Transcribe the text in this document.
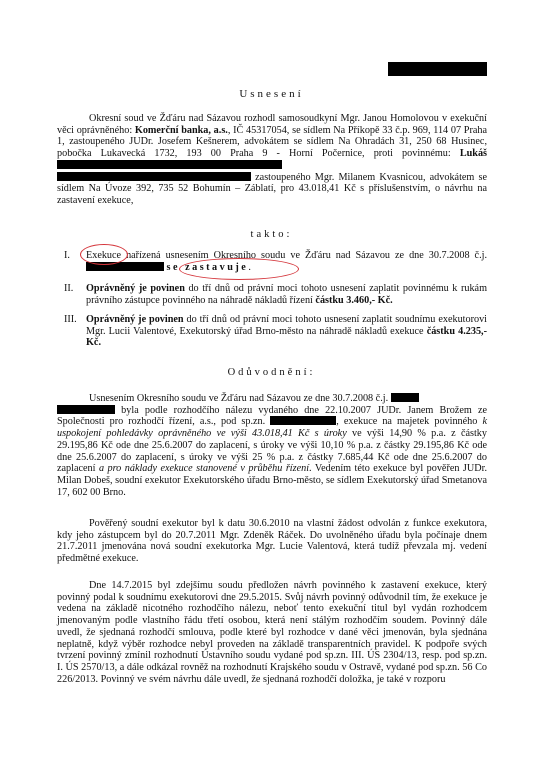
Usnesení

Okresní soud ve Žďáru nad Sázavou rozhodl samosoudkyní Mgr. Janou Homolovou v exekuční věci oprávněného: Komerční banka, a.s., IČ 45317054, se sídlem Na Příkopě 33 č.p. 969, 114 07 Praha 1, zastoupeného JUDr. Josefem Kešnerem, advokátem se sídlem Na Ohradách 31, 250 68 Husinec, pobočka Lukavecká 1732, 193 00 Praha 9 - Horní Počernice, proti povinnému: Lukáš
zastoupeného Mgr. Milanem Kvasnicou, advokátem se sídlem Na Úvoze 392, 735 52 Bohumín – Záblatí, pro 43.018,41 Kč s příslušenstvím, o návrhu na zastavení exekuce,

takto:
I. Exekuce nařízená usnesením Okresního soudu ve Žďáru nad Sázavou ze dne 30.7.2008 č.j.  se zastavuje.

II. Oprávněný je povinen do tří dnů od právní moci tohoto usnesení zaplatit povinnému k rukám právního zástupce povinného na náhradě nákladů řízení částku 3.460,- Kč.

III. Oprávněný je povinen do tří dnů od právní moci tohoto usnesení zaplatit soudnímu exekutorovi Mgr. Lucii Valentové, Exekutorský úřad Brno-město na náhradě nákladů exekuce částku 4.235,- Kč.

Odůvodnění:

Usnesením Okresního soudu ve Žďáru nad Sázavou ze dne 30.7.2008 č.j.
byla podle rozhodčího nálezu vydaného dne 22.10.2007 JUDr. Janem Brožem ze Společnosti pro rozhodčí řízení, a.s., pod sp.zn.	, exekuce na majetek povinného k uspokojení pohledávky oprávněného ve výši 43.018,41 Kč s úroky ve výši 14,90 % p.a. z částky 29.195,86 Kč ode dne 25.6.2007 do zaplacení, s úroky ve výši 10,10 % p.a. z částky 29.195,86 Kč ode dne 25.6.2007 do zaplacení, s úroky ve výši 25 % p.a. z částky 7.685,44 Kč ode dne 25.6.2007 do zaplacení a pro náklady exekuce stanovené v průběhu řízení. Vedením této exekuce byl pověřen JUDr. Milan Dobeš, soudní exekutor Exekutorského úřadu Brno-město, se sídlem Exekutorský úřad Smetanova 17, 602 00 Brno.

Pověřený soudní exekutor byl k datu 30.6.2010 na vlastní žádost odvolán z funkce exekutora, kdy jeho zástupcem byl do 20.7.2011 Mgr. Zdeněk Ráček. Do uvolněného úřadu byla počínaje dnem 21.7.2011 jmenována nová soudní exekutorka Mgr. Lucie Valentová, která tudíž převzala mj. vedení předmětné exekuce.

Dne 14.7.2015 byl zdejšímu soudu předložen návrh povinného k zastavení exekuce, který povinný podal k soudnímu exekutorovi dne 29.5.2015. Svůj návrh povinný odůvodnil tím, že exekuce je vedena na základě nicotného rozhodčího nálezu, neboť tento exekuční titul byl vydán rozhodcem jmenovaným podle vlastního řádu třetí osobou, která není stálým rozhodčím soudem. Povinný dále uvedl, že sjednaná rozhodčí smlouva, podle které byl rozhodce v dané věci jmenován, byla sjednána neplatně, když výběr rozhodce nebyl proveden na základě transparentních pravidel. K podpoře svých tvrzení povinný zmínil rozhodnutí Ústavního soudu vydané pod sp.zn. III. ÚS 2304/13, resp. pod sp.zn. I. ÚS 2570/13, a dále odkázal rovněž na rozhodnutí Krajského soudu v Ostravě, vydané pod sp.zn. 56 Co 226/2013. Povinný ve svém návrhu dále uvedl, že sjednaná rozhodčí doložka, je také v rozporu
